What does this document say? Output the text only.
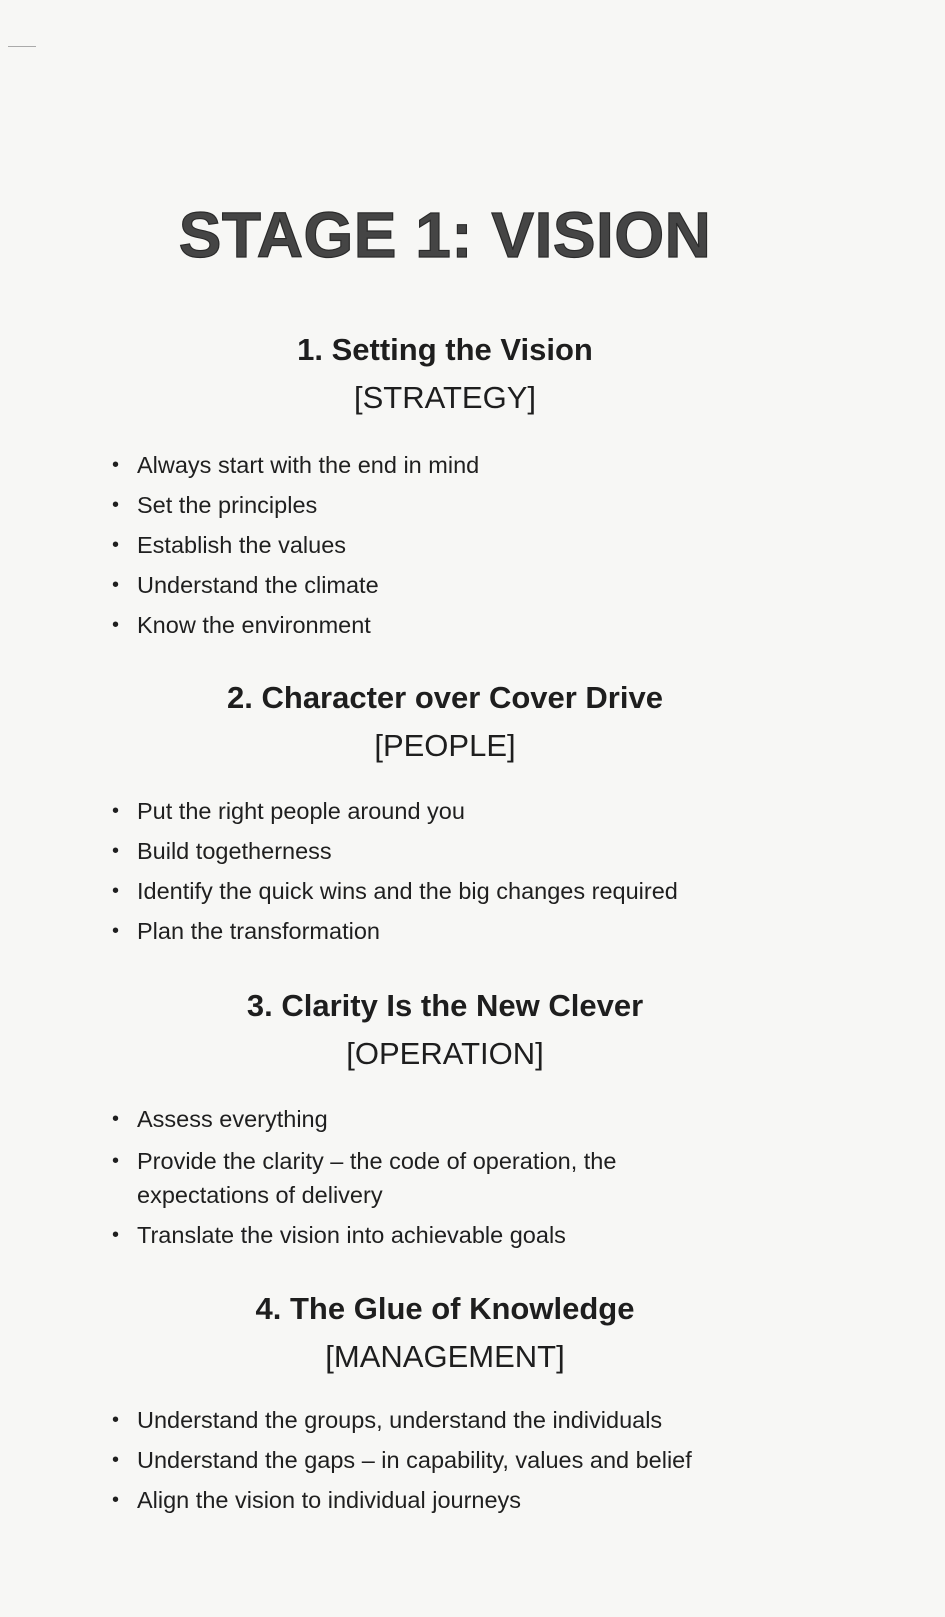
STAGE 1: VISION
1. Setting the Vision
[STRATEGY]
• Always start with the end in mind
• Set the principles
• Establish the values
• Understand the climate
• Know the environment
2. Character over Cover Drive
[PEOPLE]
• Put the right people around you
• Build togetherness
• Identify the quick wins and the big changes required
• Plan the transformation
3. Clarity Is the New Clever
[OPERATION]
• Assess everything
• Provide the clarity – the code of operation, the expectations of delivery
• Translate the vision into achievable goals
4. The Glue of Knowledge
[MANAGEMENT]
• Understand the groups, understand the individuals
• Understand the gaps – in capability, values and belief
• Align the vision to individual journeys
